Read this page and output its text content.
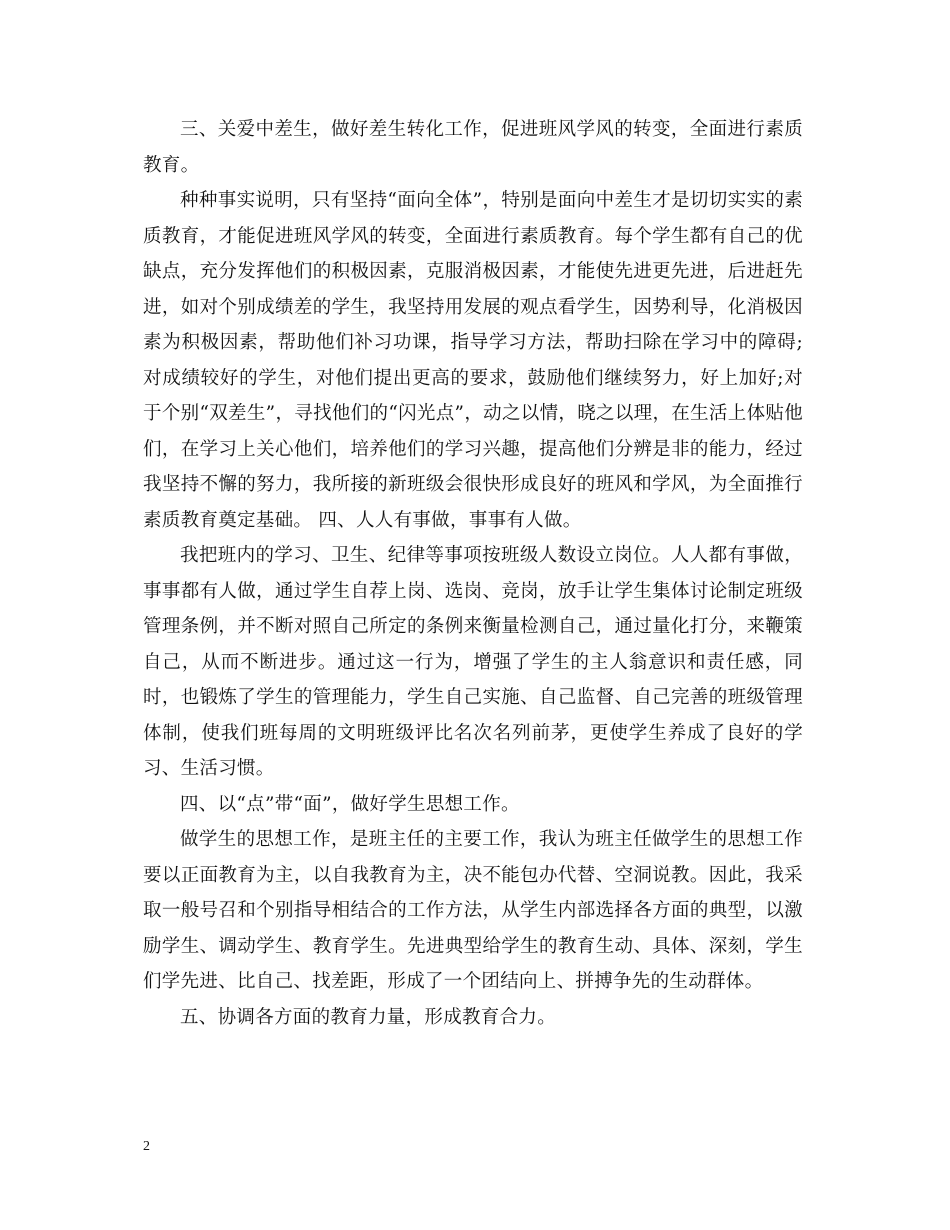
三、关爱中差生，做好差生转化工作，促进班风学风的转变，全面进行素质教育。

种种事实说明，只有坚持“面向全体”，特别是面向中差生才是切切实实的素质教育，才能促进班风学风的转变，全面进行素质教育。每个学生都有自己的优缺点，充分发挥他们的积极因素，克服消极因素，才能使先进更先进，后进赶先进，如对个别成绩差的学生，我坚持用发展的观点看学生，因势利导，化消极因素为积极因素，帮助他们补习功课，指导学习方法，帮助扫除在学习中的障碍;对成绩较好的学生，对他们提出更高的要求，鼓励他们继续努力，好上加好;对于个别“双差生”，寻找他们的“闪光点”，动之以情，晓之以理，在生活上体贴他们，在学习上关心他们，培养他们的学习兴趣，提高他们分辨是非的能力，经过我坚持不懈的努力，我所接的新班级会很快形成良好的班风和学风，为全面推行素质教育奠定基础。 四、人人有事做，事事有人做。

我把班内的学习、卫生、纪律等事项按班级人数设立岗位。人人都有事做，事事都有人做，通过学生自荐上岗、选岗、竞岗，放手让学生集体讨论制定班级管理条例，并不断对照自己所定的条例来衡量检测自己，通过量化打分，来鞭策自己，从而不断进步。通过这一行为，增强了学生的主人翁意识和责任感，同时，也锻炼了学生的管理能力，学生自己实施、自己监督、自己完善的班级管理体制，使我们班每周的文明班级评比名次名列前茅，更使学生养成了良好的学习、生活习惯。

四、以“点”带“面”，做好学生思想工作。

做学生的思想工作，是班主任的主要工作，我认为班主任做学生的思想工作要以正面教育为主，以自我教育为主，决不能包办代替、空洞说教。因此，我采取一般号召和个别指导相结合的工作方法，从学生内部选择各方面的典型，以激励学生、调动学生、教育学生。先进典型给学生的教育生动、具体、深刻，学生们学先进、比自己、找差距，形成了一个团结向上、拼搏争先的生动群体。

五、协调各方面的教育力量，形成教育合力。

2
